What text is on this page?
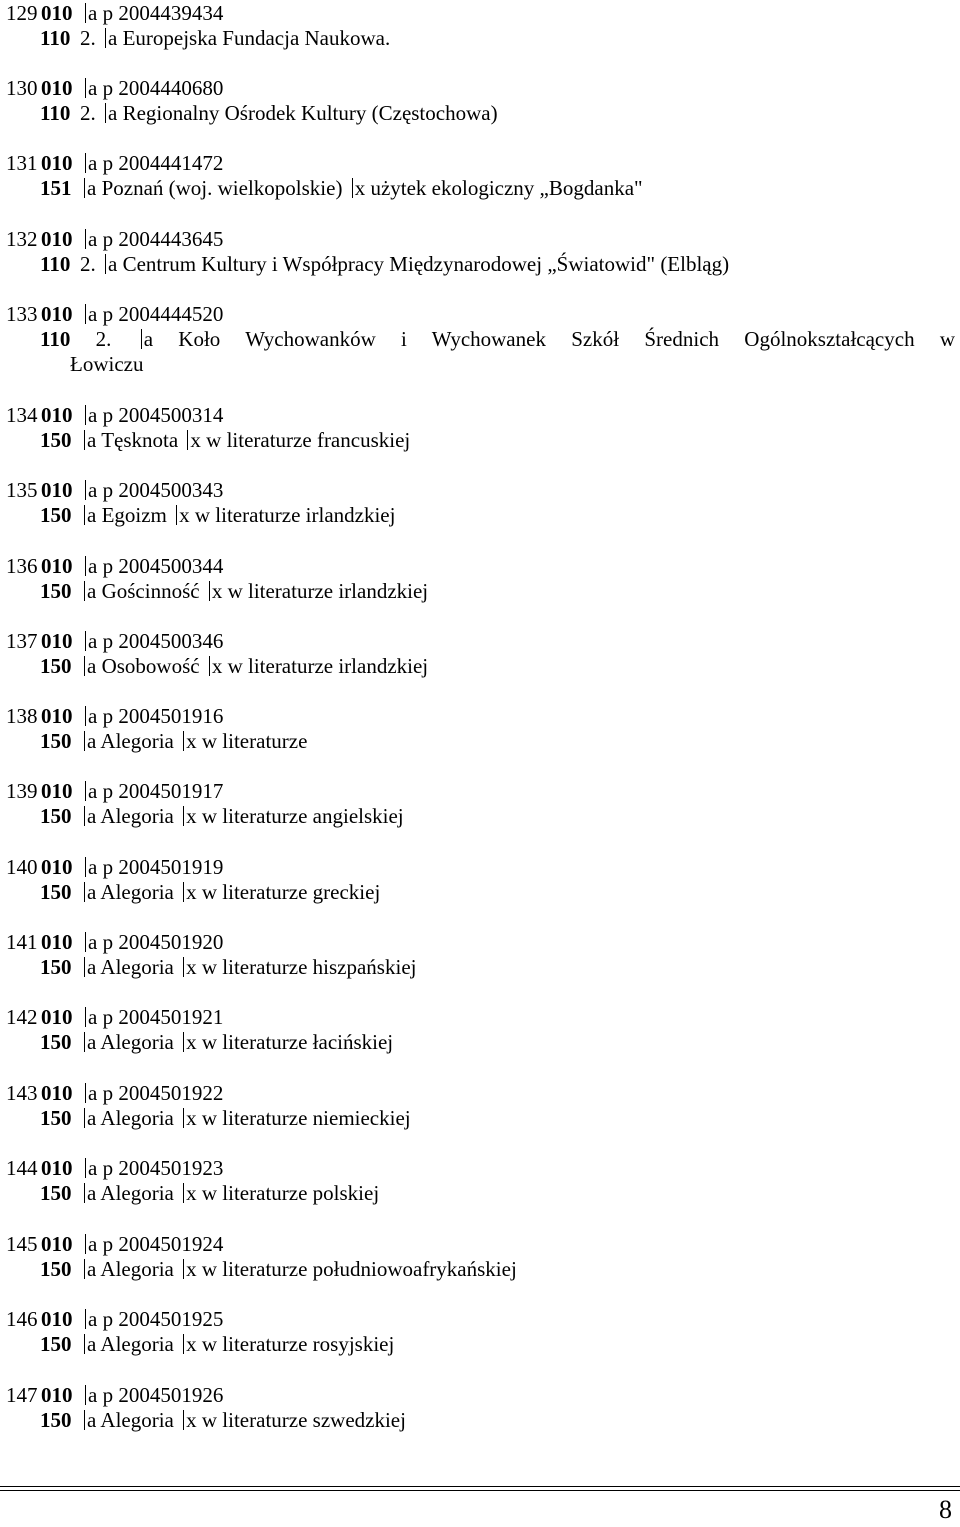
129 010 a p 2004439434
110 2. a Europejska Fundacja Naukowa.
130 010 a p 2004440680
110 2. a Regionalny Ośrodek Kultury (Częstochowa)
131 010 a p 2004441472
151 a Poznań (woj. wielkopolskie) x użytek ekologiczny „Bogdanka"
132 010 a p 2004443645
110 2. a Centrum Kultury i Współpracy Międzynarodowej „Światowid" (Elbląg)
133 010 a p 2004444520
110 2. a Koło Wychowanków i Wychowanek Szkół Średnich Ogólnokształcących w
Łowiczu
134 010 a p 2004500314
150 a Tęsknota x w literaturze francuskiej
135 010 a p 2004500343
150 a Egoizm x w literaturze irlandzkiej
136 010 a p 2004500344
150 a Gościnność x w literaturze irlandzkiej
137 010 a p 2004500346
150 a Osobowość x w literaturze irlandzkiej
138 010 a p 2004501916
150 a Alegoria x w literaturze
139 010 a p 2004501917
150 a Alegoria x w literaturze angielskiej
140 010 a p 2004501919
150 a Alegoria x w literaturze greckiej
141 010 a p 2004501920
150 a Alegoria x w literaturze hiszpańskiej
142 010 a p 2004501921
150 a Alegoria x w literaturze łacińskiej
143 010 a p 2004501922
150 a Alegoria x w literaturze niemieckiej
144 010 a p 2004501923
150 a Alegoria x w literaturze polskiej
145 010 a p 2004501924
150 a Alegoria x w literaturze południowoafrykańskiej
146 010 a p 2004501925
150 a Alegoria x w literaturze rosyjskiej
147 010 a p 2004501926
150 a Alegoria x w literaturze szwedzkiej
8
